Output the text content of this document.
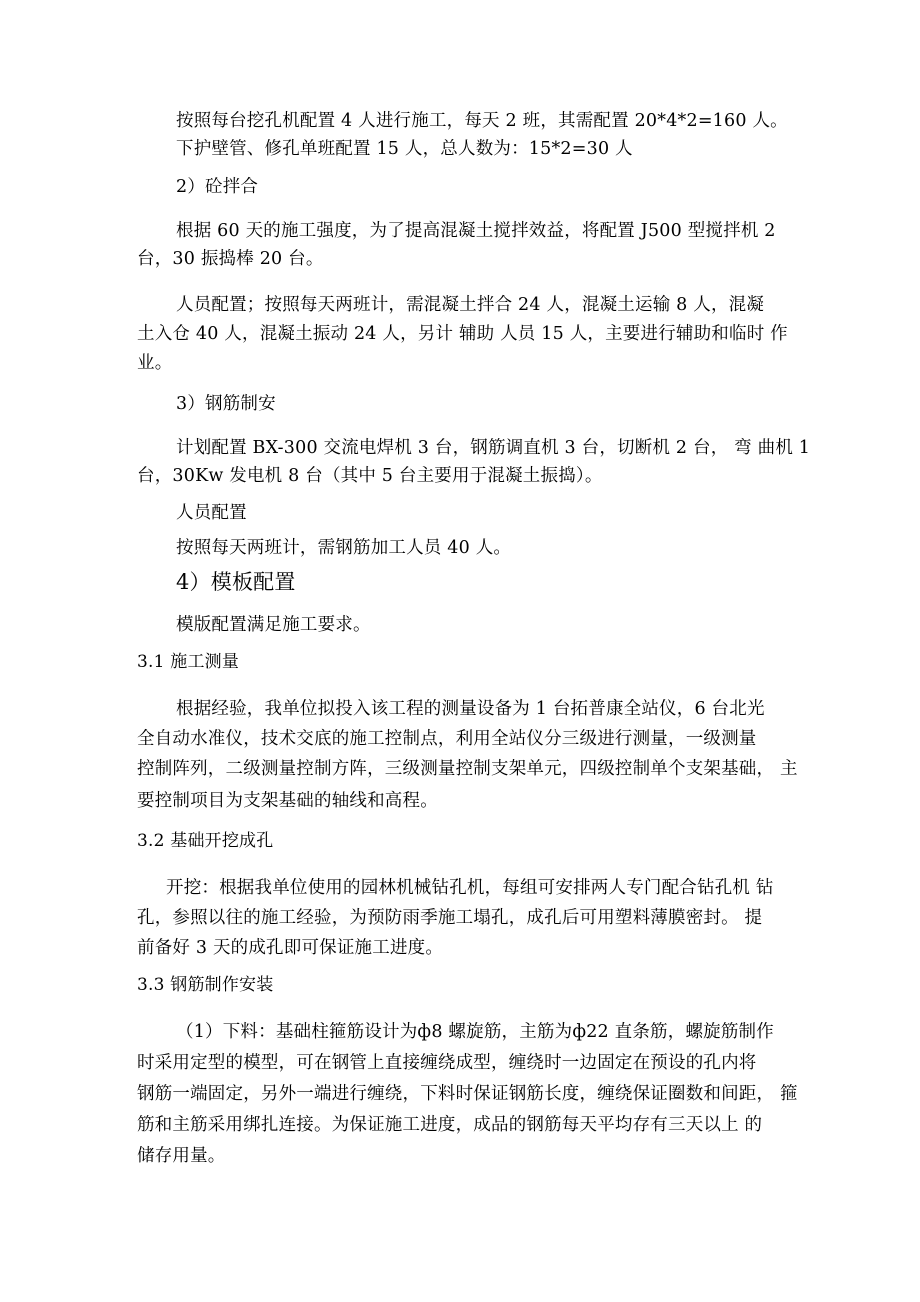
按照每台挖孔机配置 4 人进行施工，每天 2 班，其需配置 20*4*2=160 人。
下护壁管、修孔单班配置 15 人，总人数为：15*2=30 人
2）砼拌合
根据 60 天的施工强度，为了提高混凝土搅拌效益，将配置 J500 型搅拌机 2
台，30 振捣棒 20 台。
人员配置；按照每天两班计，需混凝土拌合 24 人，混凝土运输 8 人，混凝
土入仓 40 人，混凝土振动 24 人，另计 辅助 人员 15 人，主要进行辅助和临时 作
业。
3）钢筋制安
计划配置 BX-300 交流电焊机 3 台，钢筋调直机 3 台，切断机 2 台， 弯 曲机 1
台，30Kw 发电机 8 台（其中 5 台主要用于混凝土振捣）。
人员配置
按照每天两班计，需钢筋加工人员 40 人。
4）模板配置
模版配置满足施工要求。
3.1 施工测量
根据经验，我单位拟投入该工程的测量设备为 1 台拓普康全站仪，6 台北光
全自动水准仪，技术交底的施工控制点，利用全站仪分三级进行测量，一级测量
控制阵列，二级测量控制方阵，三级测量控制支架单元，四级控制单个支架基础， 主
要控制项目为支架基础的轴线和高程。
3.2 基础开挖成孔
开挖：根据我单位使用的园林机械钻孔机，每组可安排两人专门配合钻孔机 钻
孔，参照以往的施工经验，为预防雨季施工塌孔，成孔后可用塑料薄膜密封。 提
前备好 3 天的成孔即可保证施工进度。
3.3 钢筋制作安装
（1）下料：基础柱箍筋设计为ф8 螺旋筋，主筋为ф22 直条筋，螺旋筋制作
时采用定型的模型，可在钢管上直接缠绕成型，缠绕时一边固定在预设的孔内将
钢筋一端固定，另外一端进行缠绕，下料时保证钢筋长度，缠绕保证圈数和间距， 箍
筋和主筋采用绑扎连接。为保证施工进度，成品的钢筋每天平均存有三天以上 的
储存用量。
